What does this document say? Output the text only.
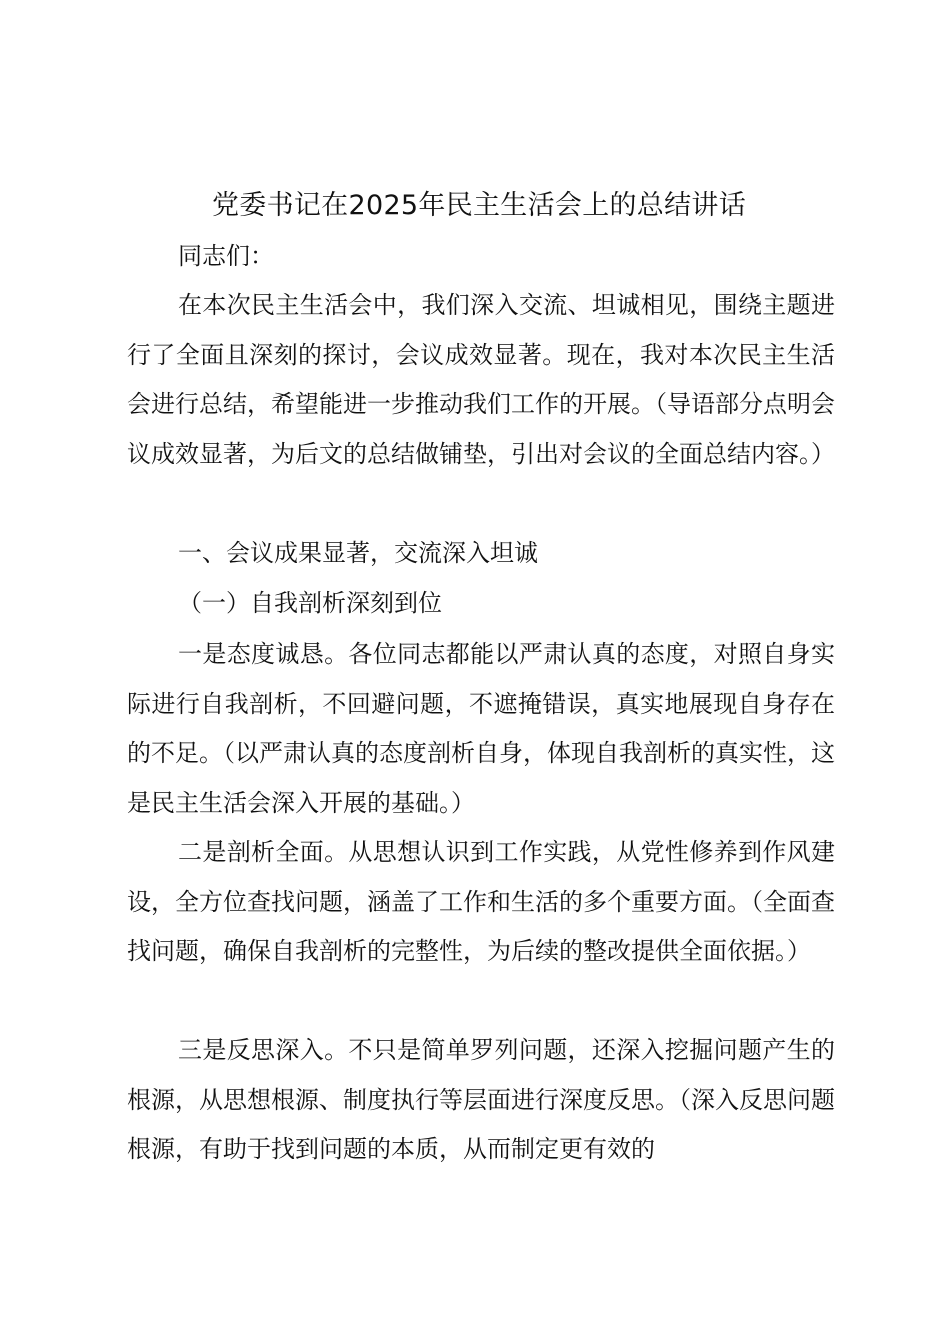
党委书记在2025年民主生活会上的总结讲话
同志们：

在本次民主生活会中，我们深入交流、坦诚相见，围绕主题进行了全面且深刻的探讨，会议成效显著。现在，我对本次民主生活会进行总结，希望能进一步推动我们工作的开展。（导语部分点明会议成效显著，为后文的总结做铺垫，引出对会议的全面总结内容。）

一、会议成果显著，交流深入坦诚

（一）自我剖析深刻到位

一是态度诚恳。各位同志都能以严肃认真的态度，对照自身实际进行自我剖析，不回避问题，不遮掩错误，真实地展现自身存在的不足。（以严肃认真的态度剖析自身，体现自我剖析的真实性，这是民主生活会深入开展的基础。）

二是剖析全面。从思想认识到工作实践，从党性修养到作风建设，全方位查找问题，涵盖了工作和生活的多个重要方面。（全面查找问题，确保自我剖析的完整性，为后续的整改提供全面依据。）

三是反思深入。不只是简单罗列问题，还深入挖掘问题产生的根源，从思想根源、制度执行等层面进行深度反思。（深入反思问题根源，有助于找到问题的本质，从而制定更有效的
